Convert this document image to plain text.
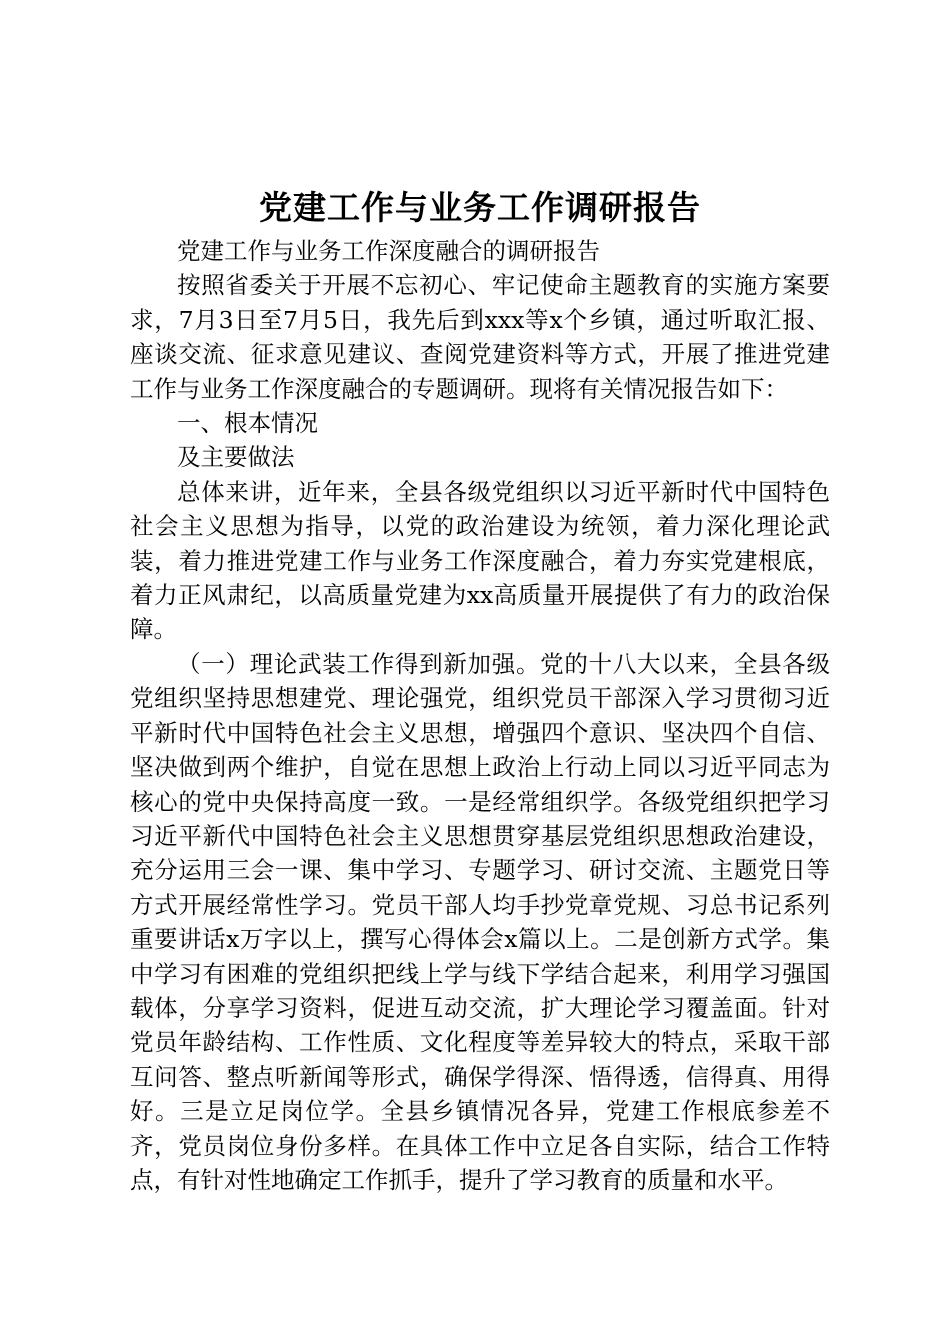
党建工作与业务工作调研报告

党建工作与业务工作深度融合的调研报告

按照省委关于开展不忘初心、牢记使命主题教育的实施方案要求，7月3日至7月5日，我先后到xxx等x个乡镇，通过听取汇报、座谈交流、征求意见建议、查阅党建资料等方式，开展了推进党建工作与业务工作深度融合的专题调研。现将有关情况报告如下：

一、根本情况

及主要做法

总体来讲，近年来，全县各级党组织以习近平新时代中国特色社会主义思想为指导，以党的政治建设为统领，着力深化理论武装，着力推进党建工作与业务工作深度融合，着力夯实党建根底，着力正风肃纪，以高质量党建为xx高质量开展提供了有力的政治保障。

（一）理论武装工作得到新加强。党的十八大以来，全县各级党组织坚持思想建党、理论强党，组织党员干部深入学习贯彻习近平新时代中国特色社会主义思想，增强四个意识、坚决四个自信、坚决做到两个维护，自觉在思想上政治上行动上同以习近平同志为核心的党中央保持高度一致。一是经常组织学。各级党组织把学习习近平新代中国特色社会主义思想贯穿基层党组织思想政治建设，充分运用三会一课、集中学习、专题学习、研讨交流、主题党日等方式开展经常性学习。党员干部人均手抄党章党规、习总书记系列重要讲话x万字以上，撰写心得体会x篇以上。二是创新方式学。集中学习有困难的党组织把线上学与线下学结合起来，利用学习强国载体，分享学习资料，促进互动交流，扩大理论学习覆盖面。针对党员年龄结构、工作性质、文化程度等差异较大的特点，采取干部互问答、整点听新闻等形式，确保学得深、悟得透，信得真、用得好。三是立足岗位学。全县乡镇情况各异，党建工作根底参差不齐，党员岗位身份多样。在具体工作中立足各自实际，结合工作特点，有针对性地确定工作抓手，提升了学习教育的质量和水平。
